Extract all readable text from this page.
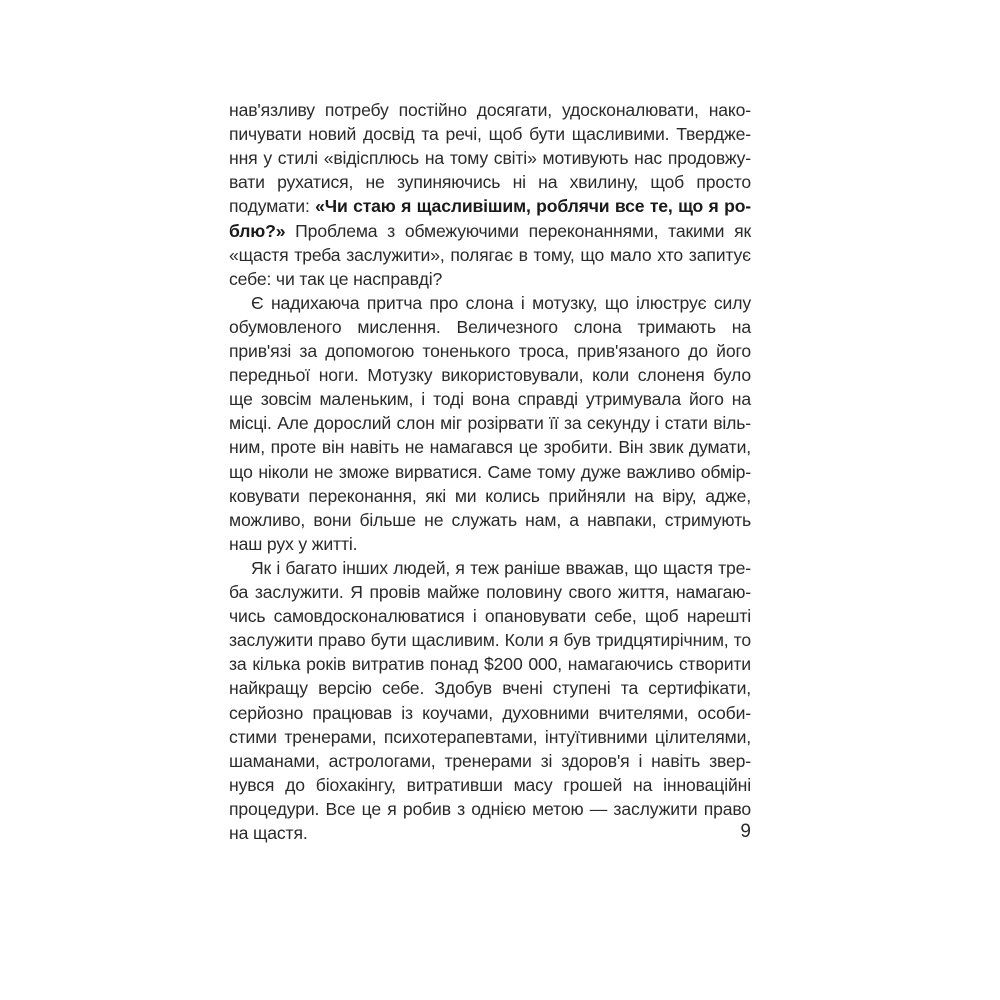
нав'язливу потребу постійно досягати, удосконалювати, нако-
пичувати новий досвід та речі, щоб бути щасливими. Твердже-
ння у стилі «відісплюсь на тому світі» мотивують нас продовжу-
вати рухатися, не зупиняючись ні на хвилину, щоб просто
подумати: «Чи стаю я щасливішим, роблячи все те, що я ро-
блю?» Проблема з обмежуючими переконаннями, такими як
«щастя треба заслужити», полягає в тому, що мало хто запитує
себе: чи так це насправді?
Є надихаюча притча про слона і мотузку, що ілюструє силу
обумовленого мислення. Величезного слона тримають на
прив'язі за допомогою тоненького троса, прив'язаного до його
передньої ноги. Мотузку використовували, коли слоненя було
ще зовсім маленьким, і тоді вона справді утримувала його на
місці. Але дорослий слон міг розірвати її за секунду і стати віль-
ним, проте він навіть не намагався це зробити. Він звик думати,
що ніколи не зможе вирватися. Саме тому дуже важливо обмір-
ковувати переконання, які ми колись прийняли на віру, адже,
можливо, вони більше не служать нам, а навпаки, стримують
наш рух у житті.
Як і багато інших людей, я теж раніше вважав, що щастя тре-
ба заслужити. Я провів майже половину свого життя, намагаю-
чись самовдосконалюватися і опановувати себе, щоб нарешті
заслужити право бути щасливим. Коли я був тридцятирічним, то
за кілька років витратив понад $200 000, намагаючись створити
найкращу версію себе. Здобув вчені ступені та сертифікати,
серйозно працював із коучами, духовними вчителями, особи-
стими тренерами, психотерапевтами, інтуїтивними цілителями,
шаманами, астрологами, тренерами зі здоров'я і навіть звер-
нувся до біохакінгу, витративши масу грошей на інноваційні
процедури. Все це я робив з однією метою — заслужити право
на щастя.	9
